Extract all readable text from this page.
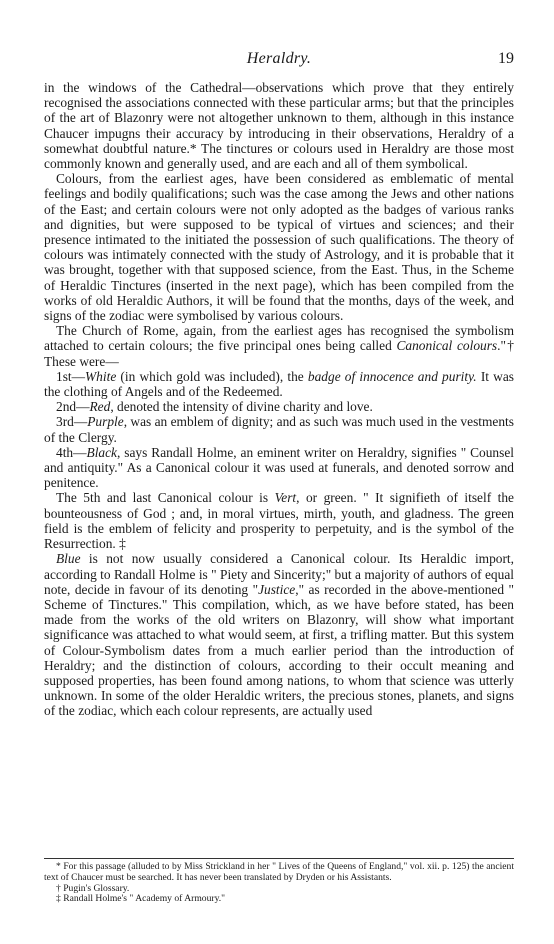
Heraldry.	19

in the windows of the Cathedral—observations which prove that they entirely recognised the associations connected with these particular arms; but that the principles of the art of Blazonry were not altogether unknown to them, although in this instance Chaucer impugns their accuracy by introducing in their observations, Heraldry of a somewhat doubtful nature.* The tinctures or colours used in Heraldry are those most commonly known and generally used, and are each and all of them symbolical.

Colours, from the earliest ages, have been considered as emblematic of mental feelings and bodily qualifications; such was the case among the Jews and other nations of the East; and certain colours were not only adopted as the badges of various ranks and dignities, but were supposed to be typical of virtues and sciences; and their presence intimated to the initiated the possession of such qualifications. The theory of colours was intimately connected with the study of Astrology, and it is probable that it was brought, together with that supposed science, from the East. Thus, in the Scheme of Heraldic Tinctures (inserted in the next page), which has been compiled from the works of old Heraldic Authors, it will be found that the months, days of the week, and signs of the zodiac were symbolised by various colours.

The Church of Rome, again, from the earliest ages has recognised the symbolism attached to certain colours; the five principal ones being called Canonical colours."† These were—

1st—White (in which gold was included), the badge of innocence and purity. It was the clothing of Angels and of the Redeemed.

2nd—Red, denoted the intensity of divine charity and love.

3rd—Purple, was an emblem of dignity; and as such was much used in the vestments of the Clergy.

4th—Black, says Randall Holme, an eminent writer on Heraldry, signifies " Counsel and antiquity." As a Canonical colour it was used at funerals, and denoted sorrow and penitence.

The 5th and last Canonical colour is Vert, or green. " It signifieth of itself the bounteousness of God ; and, in moral virtues, mirth, youth, and gladness. The green field is the emblem of felicity and prosperity to perpetuity, and is the symbol of the Resurrection. ‡

Blue is not now usually considered a Canonical colour. Its Heraldic import, according to Randall Holme is " Piety and Sincerity;" but a majority of authors of equal note, decide in favour of its denoting "Justice," as recorded in the above-mentioned " Scheme of Tinctures." This compilation, which, as we have before stated, has been made from the works of the old writers on Blazonry, will show what important significance was attached to what would seem, at first, a trifling matter. But this system of Colour-Symbolism dates from a much earlier period than the introduction of Heraldry; and the distinction of colours, according to their occult meaning and supposed properties, has been found among nations, to whom that science was utterly unknown. In some of the older Heraldic writers, the precious stones, planets, and signs of the zodiac, which each colour represents, are actually used

* For this passage (alluded to by Miss Strickland in her " Lives of the Queens of England," vol. xii. p. 125) the ancient text of Chaucer must be searched. It has never been translated by Dryden or his Assistants.

† Pugin's Glossary.

‡ Randall Holme's " Academy of Armoury."
